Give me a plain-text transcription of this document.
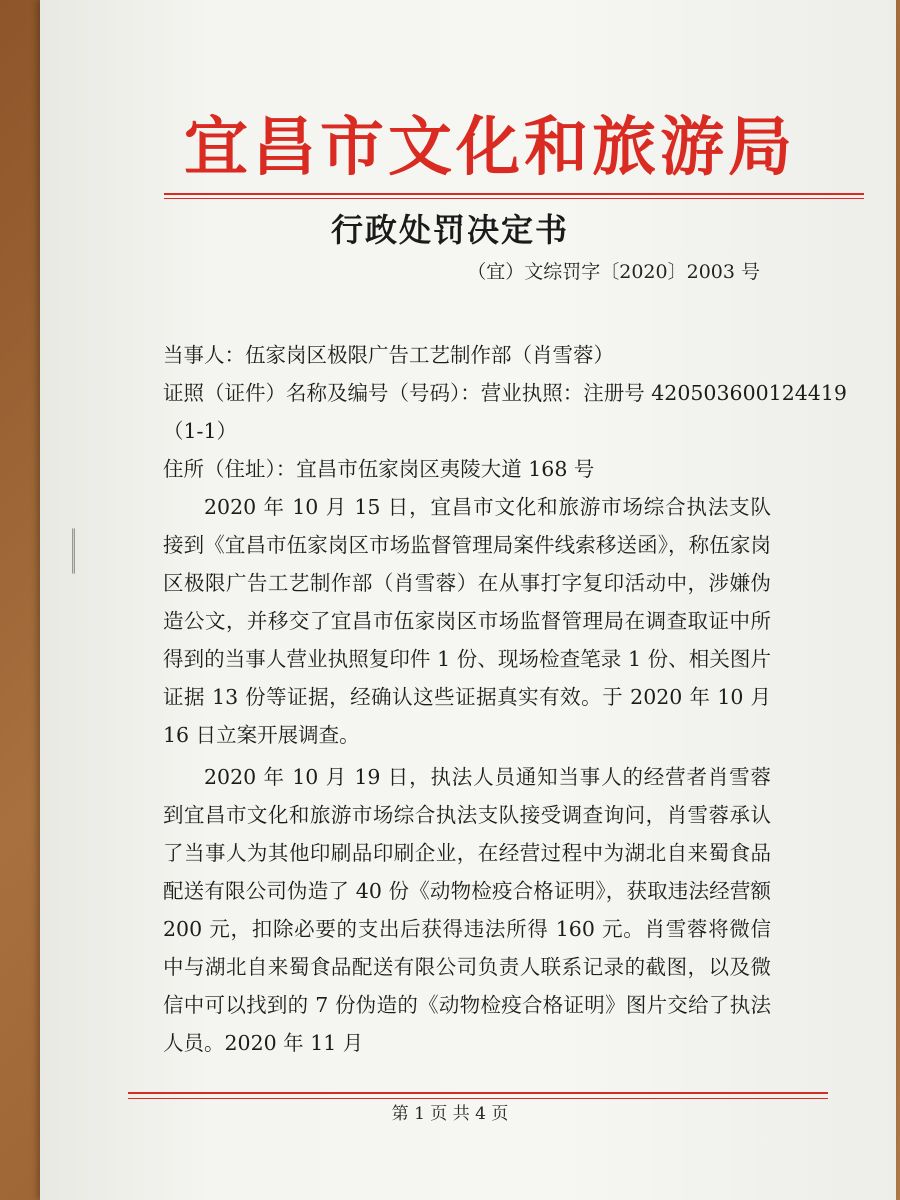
宜昌市文化和旅游局
行政处罚决定书
（宜）文综罚字〔2020〕2003 号

当事人：伍家岗区极限广告工艺制作部（肖雪蓉）

证照（证件）名称及编号（号码）：营业执照：注册号 420503600124419

（1-1）

住所（住址）：宜昌市伍家岗区夷陵大道 168 号

2020 年 10 月 15 日，宜昌市文化和旅游市场综合执法支队接到《宜昌市伍家岗区市场监督管理局案件线索移送函》，称伍家岗区极限广告工艺制作部（肖雪蓉）在从事打字复印活动中，涉嫌伪造公文，并移交了宜昌市伍家岗区市场监督管理局在调查取证中所得到的当事人营业执照复印件 1 份、现场检查笔录 1 份、相关图片证据 13 份等证据，经确认这些证据真实有效。于 2020 年 10 月 16 日立案开展调查。

2020 年 10 月 19 日，执法人员通知当事人的经营者肖雪蓉到宜昌市文化和旅游市场综合执法支队接受调查询问，肖雪蓉承认了当事人为其他印刷品印刷企业，在经营过程中为湖北自来蜀食品配送有限公司伪造了 40 份《动物检疫合格证明》，获取违法经营额 200 元，扣除必要的支出后获得违法所得 160 元。肖雪蓉将微信中与湖北自来蜀食品配送有限公司负责人联系记录的截图，以及微信中可以找到的 7 份伪造的《动物检疫合格证明》图片交给了执法人员。2020 年 11 月

第 1 页 共 4 页
